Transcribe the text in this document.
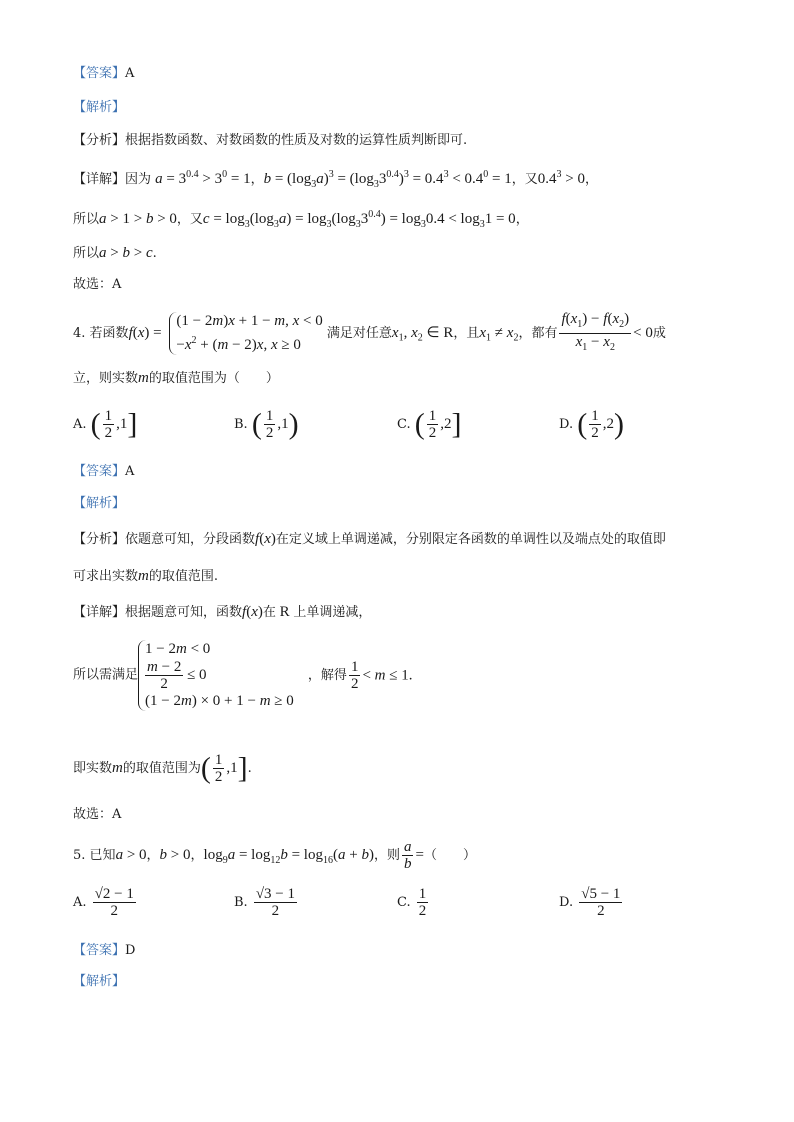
【答案】A
【解析】
【分析】根据指数函数、对数函数的性质及对数的运算性质判断即可.
【详解】因为 $a = 3^{0.4} > 3^0 = 1$，$b = (\log_3a)^3 = (\log_33^{0.4})^3 = 0.4^3 < 0.4^0 = 1$，又$0.4^3 > 0$，
所以a > 1 > b > 0，又$c = \log_3(\log_3a) = \log_3(\log_33^{0.4}) = \log_30.4 < \log_31 = 0$，
所以a > b > c.
故选：A
4. 若函数f(x) =
(1 − 2m)x + 1 − m, x < 0
$-x^2 + (m - 2)x$, x ≥ 0
满足对任意$x_1$, $x_2$ ∈ R，且$x_1 \ne x_2$，都有 $\frac{f(x_1) - f(x_2)}{x_1 - x_2} < 0$成
立，则实数m的取值范围为（　　）
A. ( $\frac{1}{2} ,1$]	B. ( $\frac{1}{2} ,1$)	C. ( $\frac{1}{2} ,2$]	D. ( $\frac{1}{2} ,2$)
【答案】A
【解析】
【分析】依题意可知，分段函数f(x)在定义域上单调递减，分别限定各函数的单调性以及端点处的取值即
可求出实数m的取值范围.
【详解】根据题意可知，函数f(x)在 R 上单调递减，
所以需满足
1 − 2m < 0
$\frac{m - 2}{2} \le 0$
(1 − 2m) × 0 + 1 − m ≥ 0
，解得 $\frac{1}{2} < m \le 1$.
即实数m的取值范围为( $\frac{1}{2} ,1$].
故选：A
5. 已知a > 0，b > 0，$\log_9a = \log_{12}b = \log_{16}(a + b)$，则 $\frac{a}{b}$ =（　　）
A. $\frac{√2 - 1}{2}$	B. $\frac{√3 - 1}{2}$	C. $\frac{1}{2}$	D. $\frac{√5 - 1}{2}$
【答案】D
【解析】
